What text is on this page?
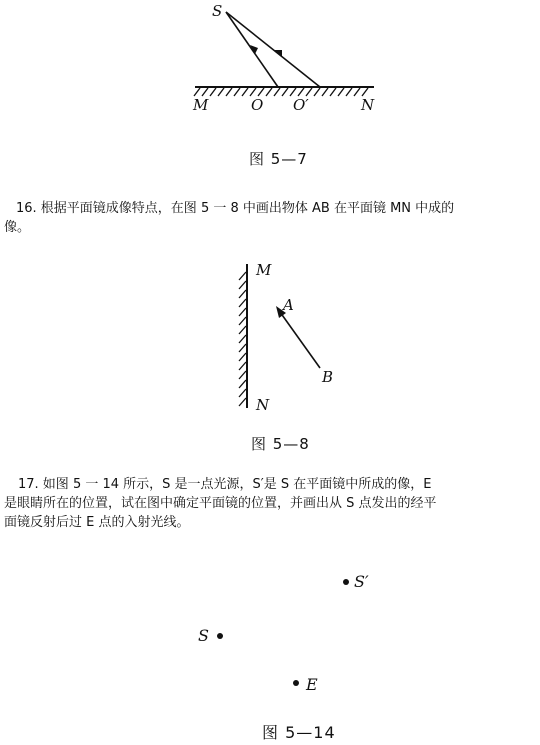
S
M	O O′	N
图 5—7
16. 根据平面镜成像特点，在图 5 一 8 中画出物体 AB 在平面镜 MN 中成的
像。
M
A
B
N
图 5—8
17. 如图 5 一 14 所示，S 是一点光源，S′是 S 在平面镜中所成的像，E
是眼睛所在的位置，试在图中确定平面镜的位置，并画出从 S 点发出的经平
面镜反射后过 E 点的入射光线。
S′
S
E
图 5—14
